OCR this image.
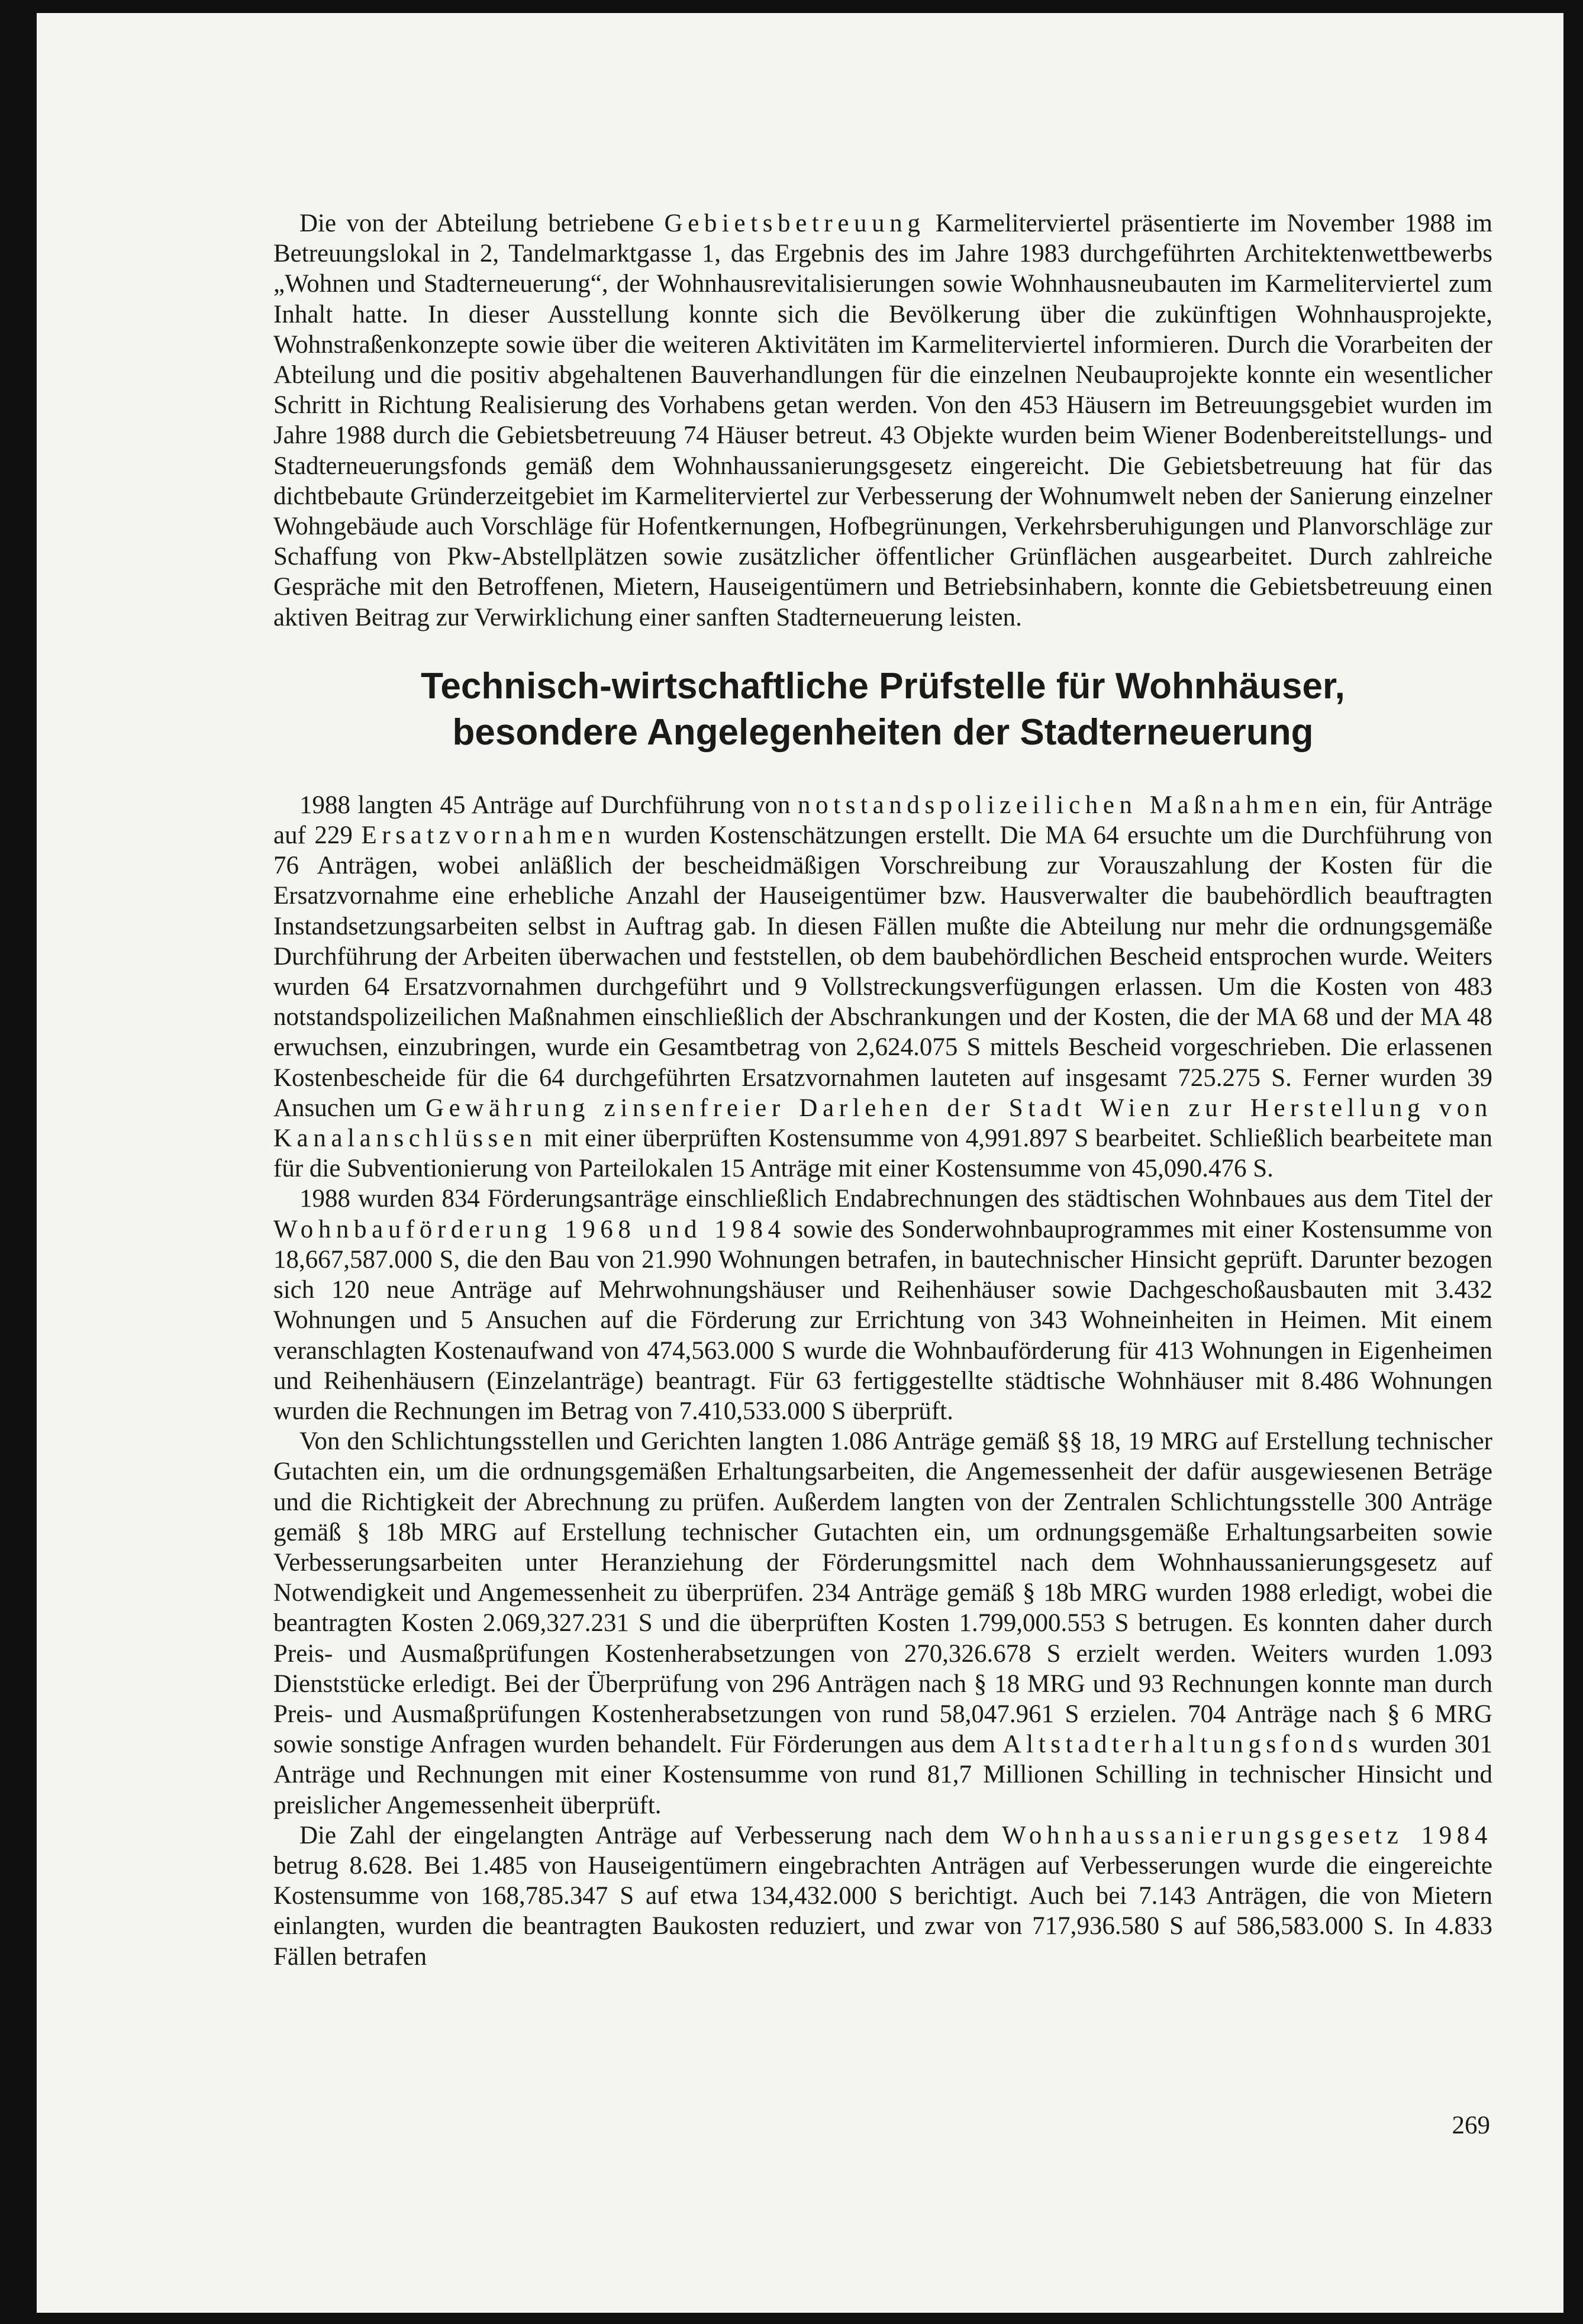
Die von der Abteilung betriebene Gebietsbetreuung Karmeliterviertel präsentierte im November 1988 im Betreuungslokal in 2, Tandelmarktgasse 1, das Ergebnis des im Jahre 1983 durchgeführten Architektenwettbewerbs „Wohnen und Stadterneuerung“, der Wohnhausrevitalisierungen sowie Wohnhausneubauten im Karmeliterviertel zum Inhalt hatte. In dieser Ausstellung konnte sich die Bevölkerung über die zukünftigen Wohnhausprojekte, Wohnstraßenkonzepte sowie über die weiteren Aktivitäten im Karmeliterviertel informieren. Durch die Vorarbeiten der Abteilung und die positiv abgehaltenen Bauverhandlungen für die einzelnen Neubauprojekte konnte ein wesentlicher Schritt in Richtung Realisierung des Vorhabens getan werden. Von den 453 Häusern im Betreuungsgebiet wurden im Jahre 1988 durch die Gebietsbetreuung 74 Häuser betreut. 43 Objekte wurden beim Wiener Bodenbereitstellungs- und Stadterneuerungsfonds gemäß dem Wohnhaussanierungsgesetz eingereicht. Die Gebietsbetreuung hat für das dichtbebaute Gründerzeitgebiet im Karmeliterviertel zur Verbesserung der Wohnumwelt neben der Sanierung einzelner Wohngebäude auch Vorschläge für Hofentkernungen, Hofbegrünungen, Verkehrsberuhigungen und Planvorschläge zur Schaffung von Pkw-Abstellplätzen sowie zusätzlicher öffentlicher Grünflächen ausgearbeitet. Durch zahlreiche Gespräche mit den Betroffenen, Mietern, Hauseigentümern und Betriebsinhabern, konnte die Gebietsbetreuung einen aktiven Beitrag zur Verwirklichung einer sanften Stadterneuerung leisten.

Technisch-wirtschaftliche Prüfstelle für Wohnhäuser,
besondere Angelegenheiten der Stadterneuerung

1988 langten 45 Anträge auf Durchführung von notstandspolizeilichen Maßnahmen ein, für Anträge auf 229 Ersatzvornahmen wurden Kostenschätzungen erstellt. Die MA 64 ersuchte um die Durchführung von 76 Anträgen, wobei anläßlich der bescheidmäßigen Vorschreibung zur Vorauszahlung der Kosten für die Ersatzvornahme eine erhebliche Anzahl der Hauseigentümer bzw. Hausverwalter die baubehördlich beauftragten Instandsetzungsarbeiten selbst in Auftrag gab. In diesen Fällen mußte die Abteilung nur mehr die ordnungsgemäße Durchführung der Arbeiten überwachen und feststellen, ob dem baubehördlichen Bescheid entsprochen wurde. Weiters wurden 64 Ersatzvornahmen durchgeführt und 9 Vollstreckungsverfügungen erlassen. Um die Kosten von 483 notstandspolizeilichen Maßnahmen einschließlich der Abschrankungen und der Kosten, die der MA 68 und der MA 48 erwuchsen, einzubringen, wurde ein Gesamtbetrag von 2,624.075 S mittels Bescheid vorgeschrieben. Die erlassenen Kostenbescheide für die 64 durchgeführten Ersatzvornahmen lauteten auf insgesamt 725.275 S. Ferner wurden 39 Ansuchen um Gewährung zinsenfreier Darlehen der Stadt Wien zur Herstellung von Kanalanschlüssen mit einer überprüften Kostensumme von 4,991.897 S bearbeitet. Schließlich bearbeitete man für die Subventionierung von Parteilokalen 15 Anträge mit einer Kostensumme von 45,090.476 S.

1988 wurden 834 Förderungsanträge einschließlich Endabrechnungen des städtischen Wohnbaues aus dem Titel der Wohnbauförderung 1968 und 1984 sowie des Sonderwohnbauprogrammes mit einer Kostensumme von 18,667,587.000 S, die den Bau von 21.990 Wohnungen betrafen, in bautechnischer Hinsicht geprüft. Darunter bezogen sich 120 neue Anträge auf Mehrwohnungshäuser und Reihenhäuser sowie Dachgeschoßausbauten mit 3.432 Wohnungen und 5 Ansuchen auf die Förderung zur Errichtung von 343 Wohneinheiten in Heimen. Mit einem veranschlagten Kostenaufwand von 474,563.000 S wurde die Wohnbauförderung für 413 Wohnungen in Eigenheimen und Reihenhäusern (Einzelanträge) beantragt. Für 63 fertiggestellte städtische Wohnhäuser mit 8.486 Wohnungen wurden die Rechnungen im Betrag von 7.410,533.000 S überprüft.

Von den Schlichtungsstellen und Gerichten langten 1.086 Anträge gemäß §§ 18, 19 MRG auf Erstellung technischer Gutachten ein, um die ordnungsgemäßen Erhaltungsarbeiten, die Angemessenheit der dafür ausgewiesenen Beträge und die Richtigkeit der Abrechnung zu prüfen. Außerdem langten von der Zentralen Schlichtungsstelle 300 Anträge gemäß § 18b MRG auf Erstellung technischer Gutachten ein, um ordnungsgemäße Erhaltungsarbeiten sowie Verbesserungsarbeiten unter Heranziehung der Förderungsmittel nach dem Wohnhaussanierungsgesetz auf Notwendigkeit und Angemessenheit zu überprüfen. 234 Anträge gemäß § 18b MRG wurden 1988 erledigt, wobei die beantragten Kosten 2.069,327.231 S und die überprüften Kosten 1.799,000.553 S betrugen. Es konnten daher durch Preis- und Ausmaßprüfungen Kostenherabsetzungen von 270,326.678 S erzielt werden. Weiters wurden 1.093 Dienststücke erledigt. Bei der Überprüfung von 296 Anträgen nach § 18 MRG und 93 Rechnungen konnte man durch Preis- und Ausmaßprüfungen Kostenherabsetzungen von rund 58,047.961 S erzielen. 704 Anträge nach § 6 MRG sowie sonstige Anfragen wurden behandelt. Für Förderungen aus dem Altstadterhaltungsfonds wurden 301 Anträge und Rechnungen mit einer Kostensumme von rund 81,7 Millionen Schilling in technischer Hinsicht und preislicher Angemessenheit überprüft.

Die Zahl der eingelangten Anträge auf Verbesserung nach dem Wohnhaussanierungsgesetz 1984 betrug 8.628. Bei 1.485 von Hauseigentümern eingebrachten Anträgen auf Verbesserungen wurde die eingereichte Kostensumme von 168,785.347 S auf etwa 134,432.000 S berichtigt. Auch bei 7.143 Anträgen, die von Mietern einlangten, wurden die beantragten Baukosten reduziert, und zwar von 717,936.580 S auf 586,583.000 S. In 4.833 Fällen betrafen

269
